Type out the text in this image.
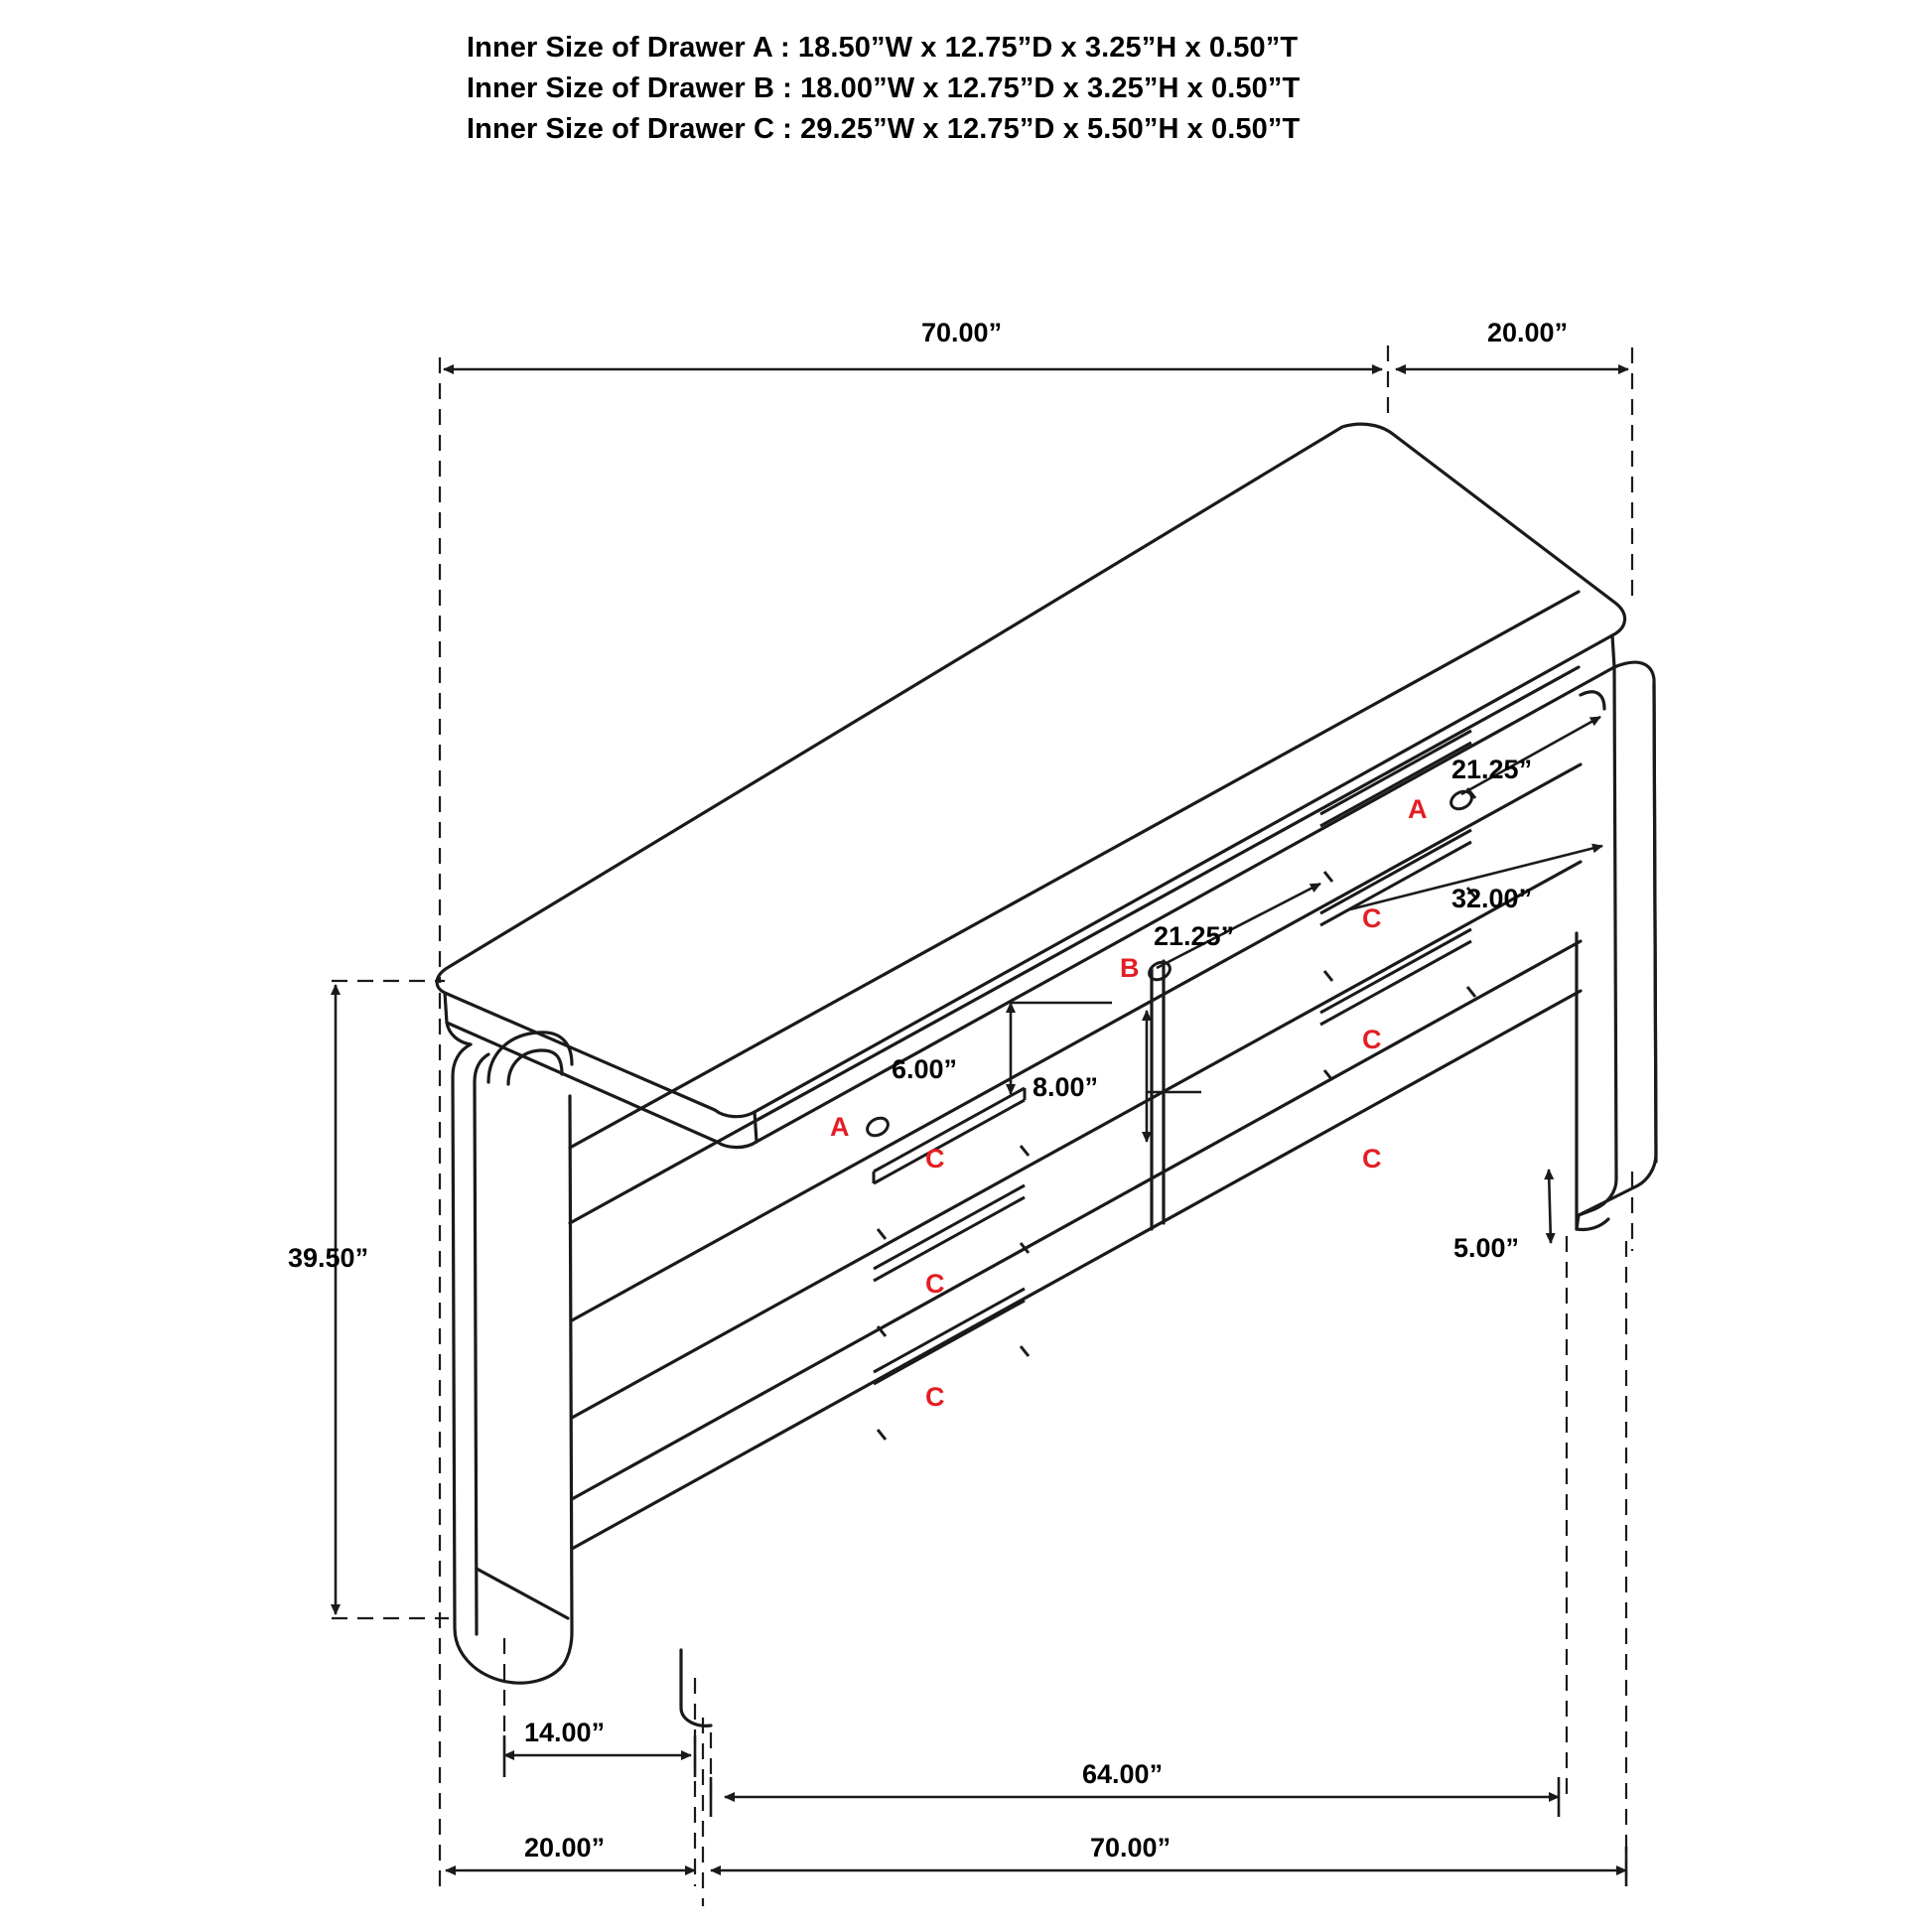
Inner Size of Drawer A : 18.50”W x 12.75”D x 3.25”H x 0.50”T
Inner Size of Drawer B : 18.00”W x 12.75”D x 3.25”H x 0.50”T
Inner Size of Drawer C : 29.25”W x 12.75”D x 5.50”H x 0.50”T
70.00”	20.00”
21.25”
32.00”
21.25”
6.00”
8.00”
5.00”
39.50”
14.00”
64.00”
20.00”	70.00”
A
B
A
C
C
C
C
C
C
